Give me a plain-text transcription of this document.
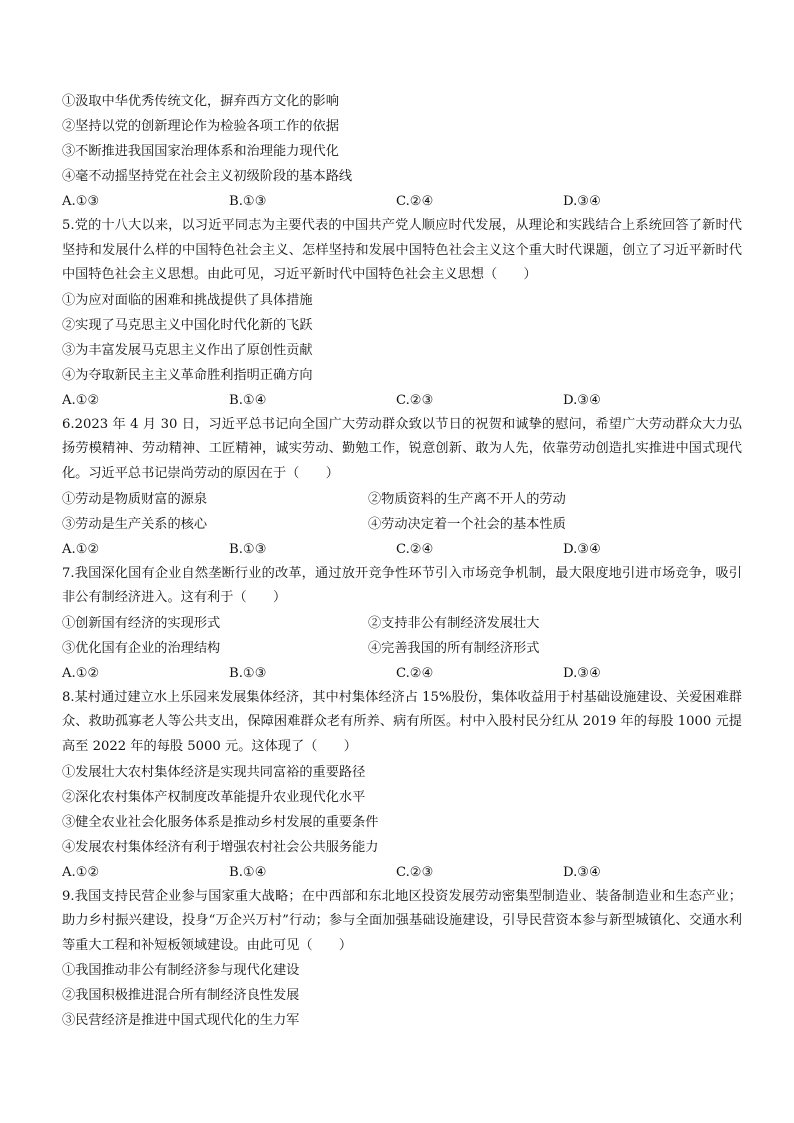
①汲取中华优秀传统文化，摒弃西方文化的影响
②坚持以党的创新理论作为检验各项工作的依据
③不断推进我国国家治理体系和治理能力现代化
④毫不动摇坚持党在社会主义初级阶段的基本路线
A.①③	B.①③	C.②④	D.③④

5.党的十八大以来，以习近平同志为主要代表的中国共产党人顺应时代发展，从理论和实践结合上系统回答了新时代坚持和发展什么样的中国特色社会主义、怎样坚持和发展中国特色社会主义这个重大时代课题，创立了习近平新时代中国特色社会主义思想。由此可见，习近平新时代中国特色社会主义思想（　　）

①为应对面临的困难和挑战提供了具体措施
②实现了马克思主义中国化时代化新的飞跃
③为丰富发展马克思主义作出了原创性贡献
④为夺取新民主主义革命胜利指明正确方向
A.①②	B.①④	C.②③	D.③④

6.2023 年 4 月 30 日，习近平总书记向全国广大劳动群众致以节日的祝贺和诚挚的慰问，希望广大劳动群众大力弘扬劳模精神、劳动精神、工匠精神，诚实劳动、勤勉工作，锐意创新、敢为人先，依靠劳动创造扎实推进中国式现代化。习近平总书记崇尚劳动的原因在于（　　）

①劳动是物质财富的源泉	②物质资料的生产离不开人的劳动
③劳动是生产关系的核心	④劳动决定着一个社会的基本性质
A.①②	B.①③	C.②④	D.③④

7.我国深化国有企业自然垄断行业的改革，通过放开竞争性环节引入市场竞争机制，最大限度地引进市场竞争，吸引非公有制经济进入。这有利于（　　）

①创新国有经济的实现形式	②支持非公有制经济发展壮大
③优化国有企业的治理结构	④完善我国的所有制经济形式
A.①②	B.①③	C.②④	D.③④

8.某村通过建立水上乐园来发展集体经济，其中村集体经济占 15%股份，集体收益用于村基础设施建设、关爱困难群众、救助孤寡老人等公共支出，保障困难群众老有所养、病有所医。村中入股村民分红从 2019 年的每股 1000 元提高至 2022 年的每股 5000 元。这体现了（　　）

①发展壮大农村集体经济是实现共同富裕的重要路径
②深化农村集体产权制度改革能提升农业现代化水平
③健全农业社会化服务体系是推动乡村发展的重要条件
④发展农村集体经济有利于增强农村社会公共服务能力
A.①②	B.①④	C.②③	D.③④

9.我国支持民营企业参与国家重大战略；在中西部和东北地区投资发展劳动密集型制造业、装备制造业和生态产业；助力乡村振兴建设，投身“万企兴万村”行动；参与全面加强基础设施建设，引导民营资本参与新型城镇化、交通水利等重大工程和补短板领域建设。由此可见（　　）

①我国推动非公有制经济参与现代化建设
②我国积极推进混合所有制经济良性发展
③民营经济是推进中国式现代化的生力军
